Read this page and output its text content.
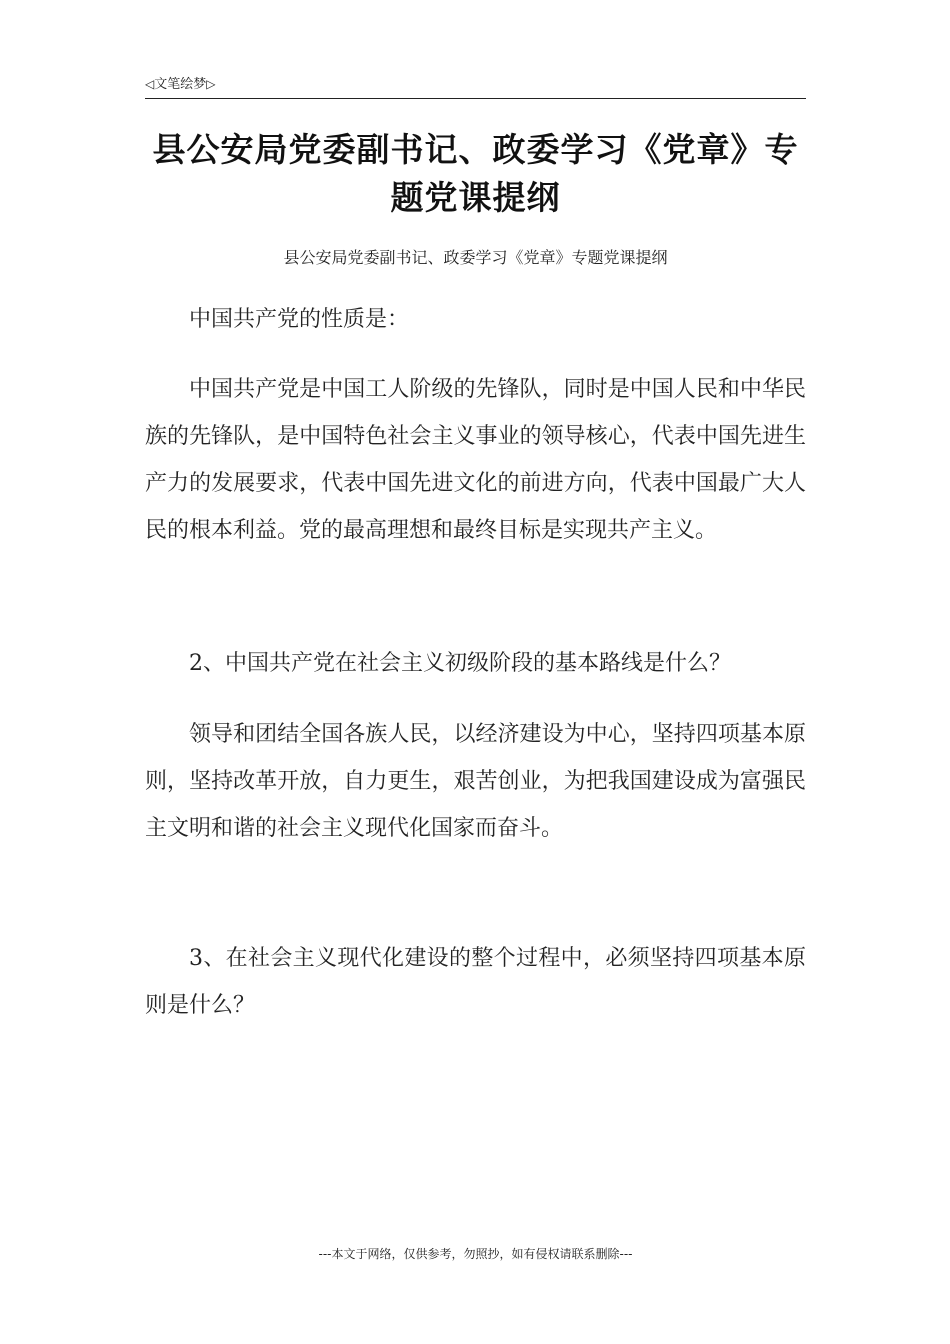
◁文笔绘梦▷
县公安局党委副书记、政委学习《党章》专题党课提纲
县公安局党委副书记、政委学习《党章》专题党课提纲

中国共产党的性质是：

中国共产党是中国工人阶级的先锋队，同时是中国人民和中华民族的先锋队，是中国特色社会主义事业的领导核心，代表中国先进生产力的发展要求，代表中国先进文化的前进方向，代表中国最广大人民的根本利益。党的最高理想和最终目标是实现共产主义。

2、中国共产党在社会主义初级阶段的基本路线是什么？

领导和团结全国各族人民，以经济建设为中心，坚持四项基本原则，坚持改革开放，自力更生，艰苦创业，为把我国建设成为富强民主文明和谐的社会主义现代化国家而奋斗。

3、在社会主义现代化建设的整个过程中，必须坚持四项基本原则是什么？

---本文于网络，仅供参考，勿照抄，如有侵权请联系删除---
